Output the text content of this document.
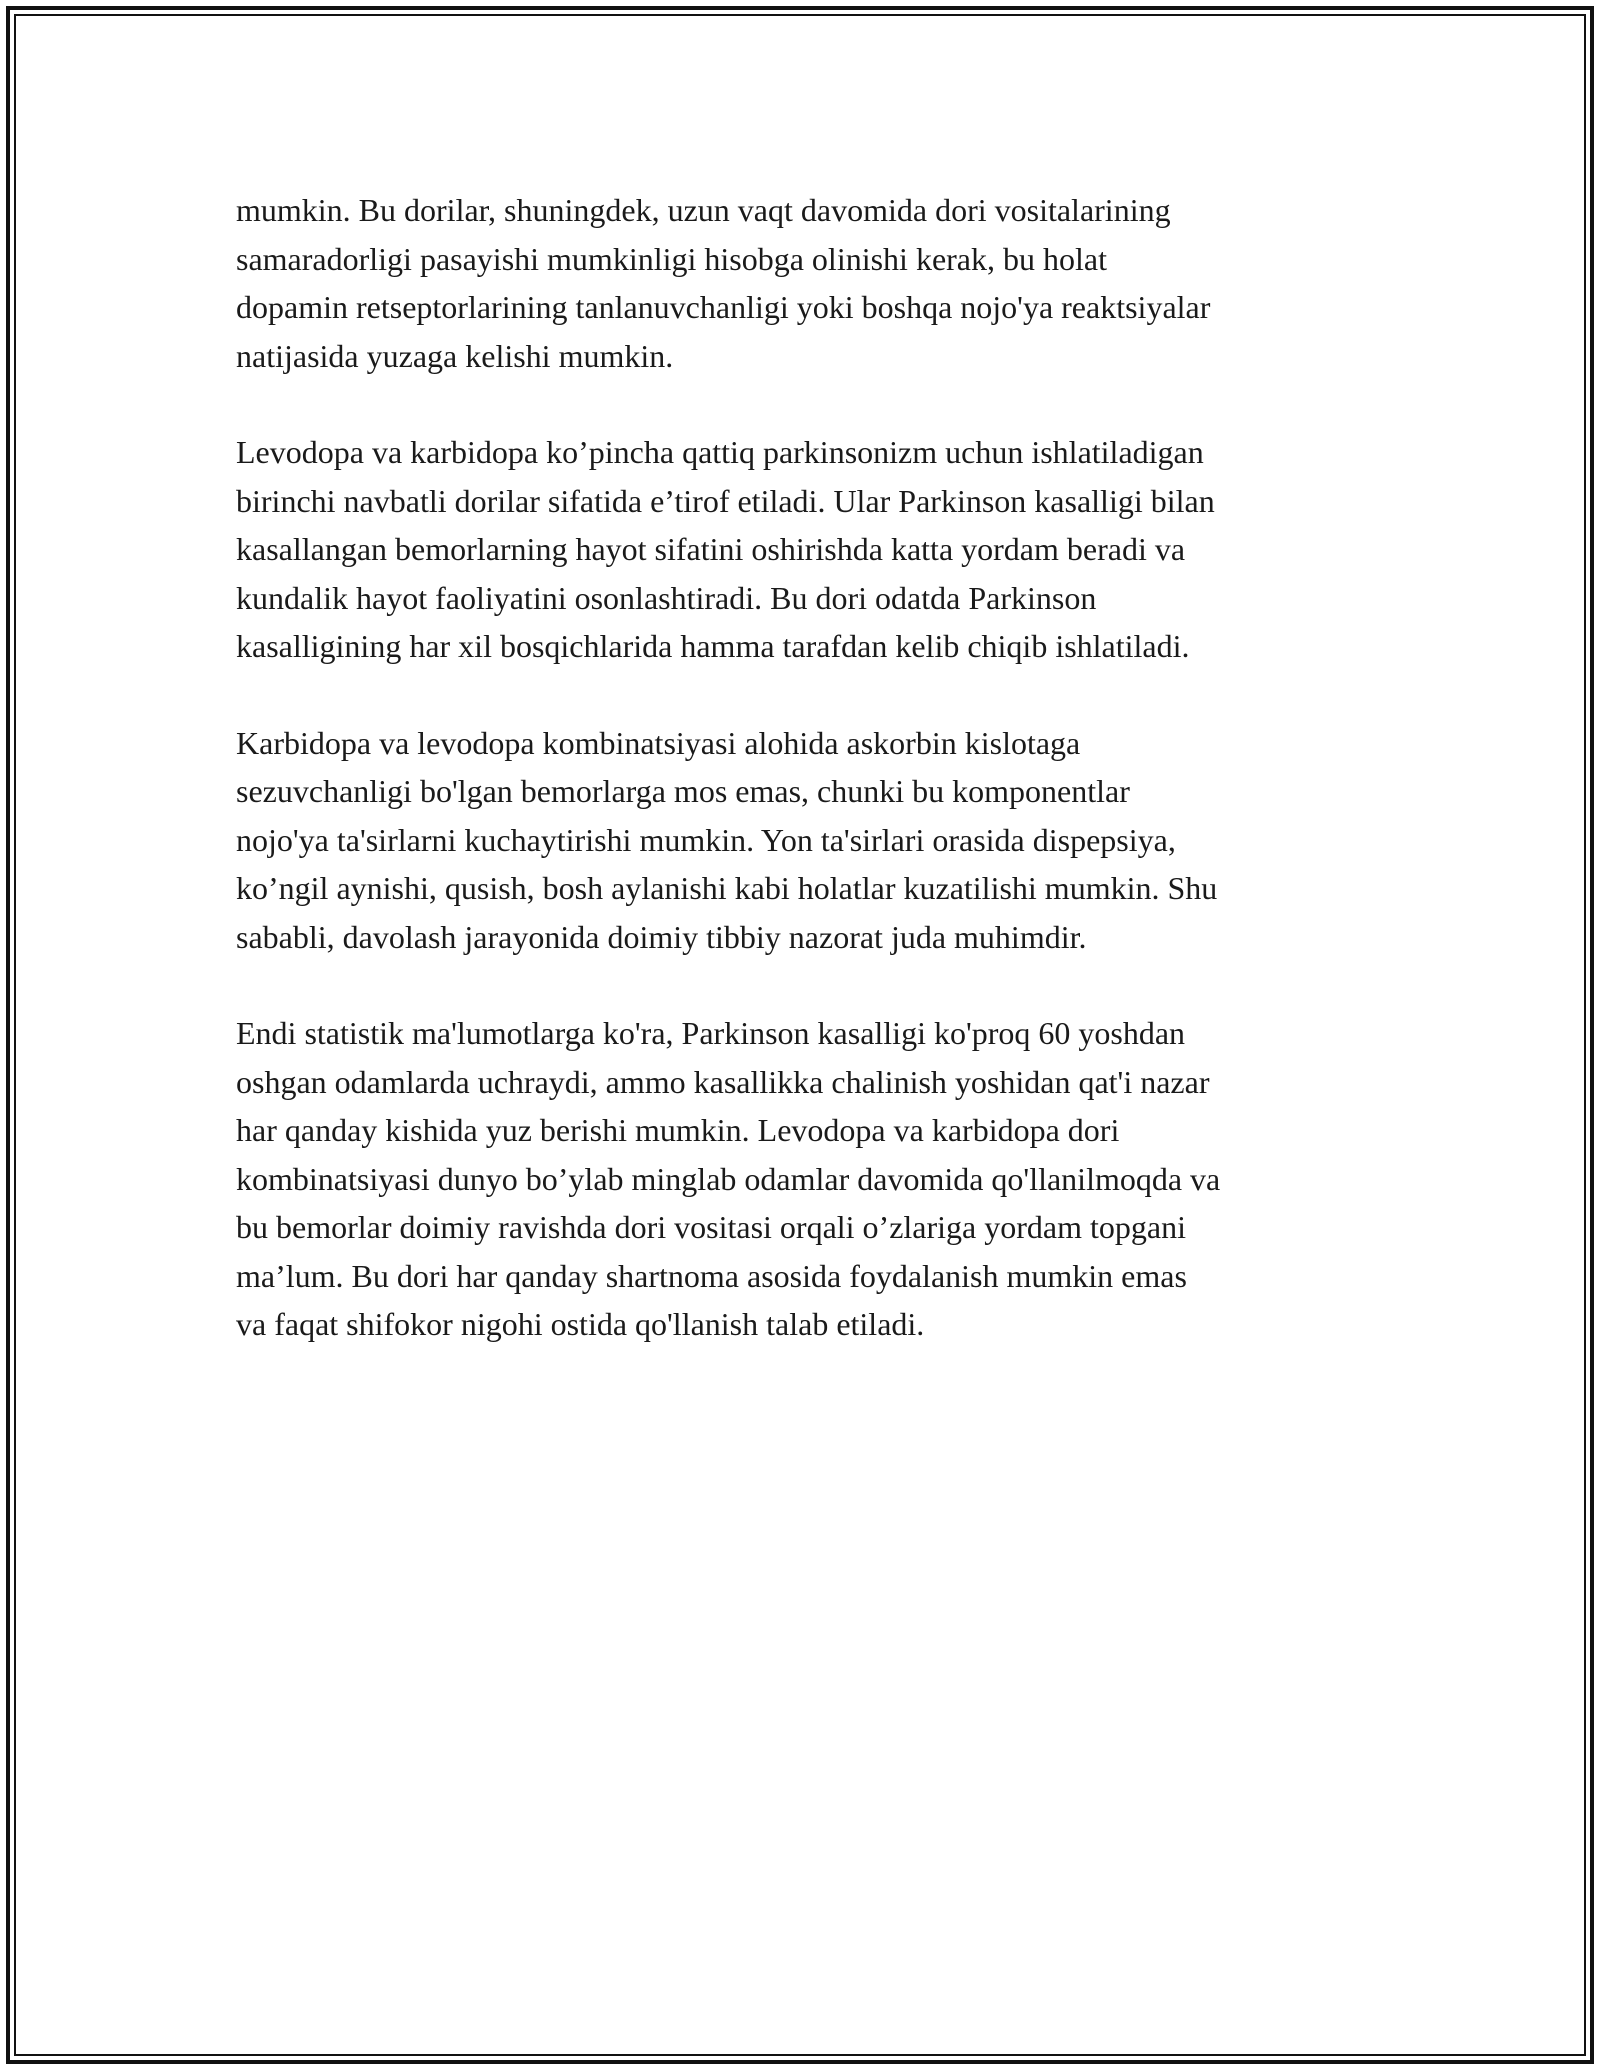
mumkin. Bu dorilar, shuningdek, uzun vaqt davomida dori vositalarining
samaradorligi pasayishi mumkinligi hisobga olinishi kerak, bu holat
dopamin retseptorlarining tanlanuvchanligi yoki boshqa nojo'ya reaktsiyalar
natijasida yuzaga kelishi mumkin.

Levodopa va karbidopa ko’pincha qattiq parkinsonizm uchun ishlatiladigan
birinchi navbatli dorilar sifatida e’tirof etiladi. Ular Parkinson kasalligi bilan
kasallangan bemorlarning hayot sifatini oshirishda katta yordam beradi va
kundalik hayot faoliyatini osonlashtiradi. Bu dori odatda Parkinson
kasalligining har xil bosqichlarida hamma tarafdan kelib chiqib ishlatiladi.

Karbidopa va levodopa kombinatsiyasi alohida askorbin kislotaga
sezuvchanligi bo'lgan bemorlarga mos emas, chunki bu komponentlar
nojo'ya ta'sirlarni kuchaytirishi mumkin. Yon ta'sirlari orasida dispepsiya,
ko’ngil aynishi, qusish, bosh aylanishi kabi holatlar kuzatilishi mumkin. Shu
sababli, davolash jarayonida doimiy tibbiy nazorat juda muhimdir.

Endi statistik ma'lumotlarga ko'ra, Parkinson kasalligi ko'proq 60 yoshdan
oshgan odamlarda uchraydi, ammo kasallikka chalinish yoshidan qat'i nazar
har qanday kishida yuz berishi mumkin. Levodopa va karbidopa dori
kombinatsiyasi dunyo bo’ylab minglab odamlar davomida qo'llanilmoqda va
bu bemorlar doimiy ravishda dori vositasi orqali o’zlariga yordam topgani
ma’lum. Bu dori har qanday shartnoma asosida foydalanish mumkin emas
va faqat shifokor nigohi ostida qo'llanish talab etiladi.
